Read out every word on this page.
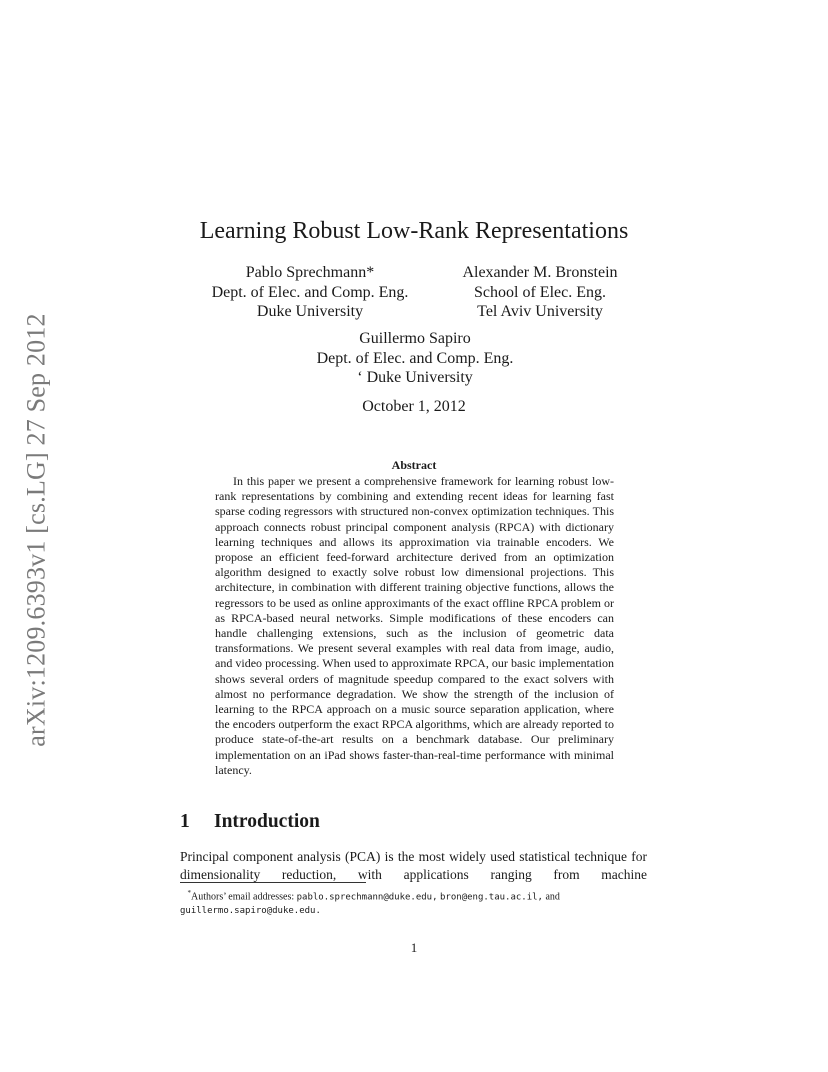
arXiv:1209.6393v1 [cs.LG] 27 Sep 2012
Learning Robust Low-Rank Representations
Pablo Sprechmann*
Dept. of Elec. and Comp. Eng.
Duke University
Alexander M. Bronstein
School of Elec. Eng.
Tel Aviv University
Guillermo Sapiro
Dept. of Elec. and Comp. Eng.
‘ Duke University
October 1, 2012
Abstract
In this paper we present a comprehensive framework for learning robust low-rank representations by combining and extending recent ideas for learning fast sparse coding regressors with structured non-convex optimization techniques. This approach connects robust principal component analysis (RPCA) with dictionary learning techniques and allows its approximation via trainable encoders. We propose an efficient feed-forward architecture derived from an optimization algorithm designed to exactly solve robust low dimensional projections. This architecture, in combination with different training objective functions, allows the regressors to be used as online approximants of the exact offline RPCA problem or as RPCA-based neural networks. Simple modifications of these encoders can handle challenging extensions, such as the inclusion of geometric data transformations. We present several examples with real data from image, audio, and video processing. When used to approximate RPCA, our basic implementation shows several orders of magnitude speedup compared to the exact solvers with almost no performance degradation. We show the strength of the inclusion of learning to the RPCA approach on a music source separation application, where the encoders outperform the exact RPCA algorithms, which are already reported to produce state-of-the-art results on a benchmark database. Our preliminary implementation on an iPad shows faster-than-real-time performance with minimal latency.
1 Introduction
Principal component analysis (PCA) is the most widely used statistical technique for dimensionality reduction, with applications ranging from machine
*Authors’ email addresses: pablo.sprechmann@duke.edu, bron@eng.tau.ac.il, and
guillermo.sapiro@duke.edu.
1
